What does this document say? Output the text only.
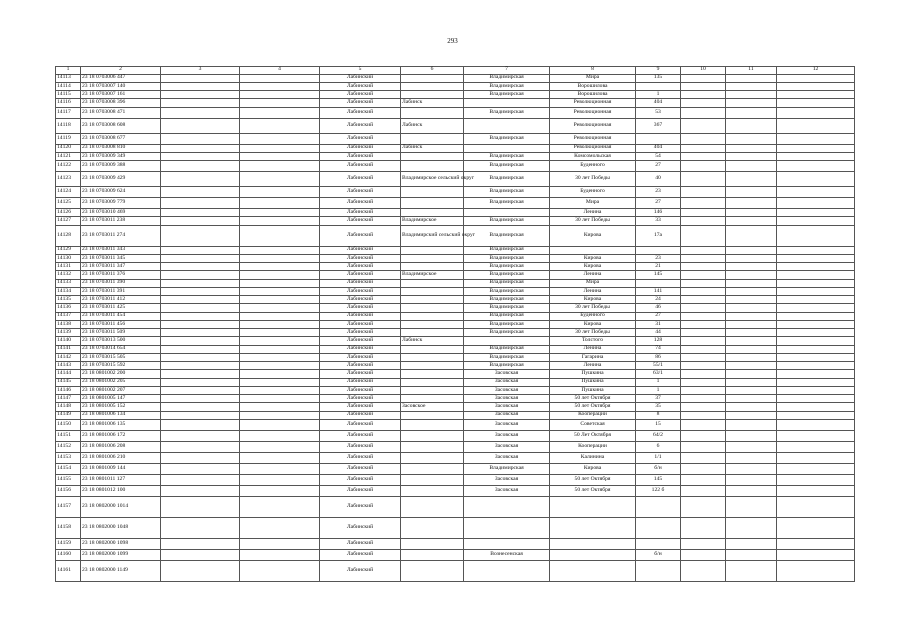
293
1	2	3	4	5	6	7	8	9	10	11	12
14113	23 18 0703006 447			Лабинский		Владимирская	Мира	135			
14114	23 18 0703007 140			Лабинский		Владимирская	Ворошилова				
14115	23 18 0703007 161			Лабинский		Владимирская	Ворошилова	1			
14116	23 18 0703008 396			Лабинский	Лабинск		Революционная	404			
14117	23 18 0703008 471			Лабинский		Владимирская	Революционная	53			
14118	23 18 0703008 608			Лабинский	Лабинск		Революционная	367			
14119	23 18 0703008 677			Лабинский		Владимирская	Революционная				
14120	23 18 0703008 810			Лабинский	Лабинск		Революционная	404			
14121	23 18 0703009 349			Лабинский		Владимирская	Комсомольская	54			
14122	23 18 0703009 388			Лабинский		Владимирская	Буденного	27			
14123	23 18 0703009 429			Лабинский	Владимирское сельский округ	Владимирская	30 лет Победы	40			
14124	23 18 0703009 624			Лабинский		Владимирская	Буденного	23			
14125	23 18 0703009 779			Лабинский		Владимирская	Мира	27			
14126	23 18 0703010 469			Лабинский			Ленина	146			
14127	23 18 0703011 238			Лабинский	Владимирское	Владимирская	30 лет Победы	33			
14128	23 18 0703011 274			Лабинский	Владимирский сельский округ	Владимирская	Кирова	17а			
14129	23 18 0703011 343			Лабинский		Владимирская					
14130	23 18 0703011 345			Лабинский		Владимирская	Кирова	23			
14131	23 18 0703011 347			Лабинский		Владимирская	Кирова	21			
14132	23 18 0703011 376			Лабинский	Владимирское	Владимирская	Ленина	145			
14133	23 18 0703011 390			Лабинский		Владимирская	Мира				
14134	23 18 0703011 391			Лабинский		Владимирская	Ленина	141			
14135	23 18 0703011 412			Лабинский		Владимирская	Кирова	24			
14136	23 18 0703011 425			Лабинский		Владимирская	30 лет Победы	46			
14137	23 18 0703011 454			Лабинский		Владимирская	Буденного	27			
14138	23 18 0703011 456			Лабинский		Владимирская	Кирова	31			
14139	23 18 0703011 509			Лабинский		Владимирская	30 лет Победы	44			
14140	23 18 0703013 500			Лабинский	Лабинск		Толстого	128			
14141	23 18 0703014 654			Лабинский		Владимирская	Ленина	74			
14142	23 18 0703015 505			Лабинский		Владимирская	Гагарина	86			
14143	23 18 0703015 592			Лабинский		Владимирская	Ленина	55/1			
14144	23 18 0801002 200			Лабинский		Засовская	Пушкина	63/1			
14145	23 18 0801002 205			Лабинский		Засовская	Пушкина	1			
14146	23 18 0801002 207			Лабинский		Засовская	Пушкина	1			
14147	23 18 0801005 147			Лабинский		Засовская	50 лет Октября	37			
14148	23 18 0801005 152			Лабинский	Засовское	Засовская	50 лет Октября	35			
14149	23 18 0801006 134			Лабинский		Засовская	Кооперации	8			
14150	23 18 0801006 135			Лабинский		Засовская	Советская	15			
14151	23 18 0801006 172			Лабинский		Засовская	50 Лет Октября	64/2			
14152	23 18 0801006 208			Лабинский		Засовская	Кооперации	6			
14153	23 18 0801006 210			Лабинский		Засовская	Калинина	1/1			
14154	23 18 0801009 144			Лабинский		Владимирская	Кирова	б/н			
14155	23 18 0801011 127			Лабинский		Засовская	50 лет Октября	145			
14156	23 18 0801012 100			Лабинский		Засовская	50 лет Октября	122 б			
14157	23 18 0802000 1014			Лабинский							
14158	23 18 0802000 1048			Лабинский							
14159	23 18 0802000 1098			Лабинский							
14160	23 18 0802000 1099			Лабинский		Вознесенская		б/н			
14161	23 18 0802000 1149			Лабинский							
